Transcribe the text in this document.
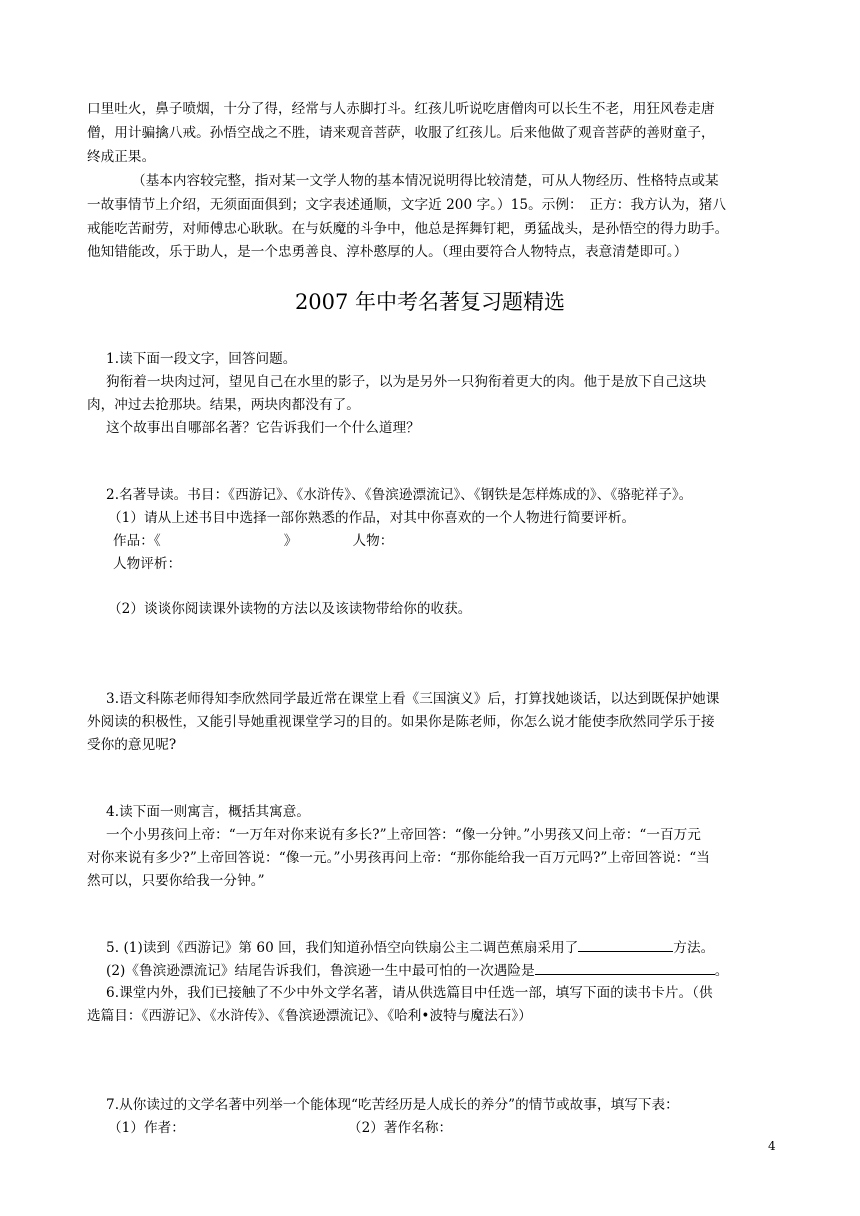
口里吐火，鼻子喷烟，十分了得，经常与人赤脚打斗。红孩儿听说吃唐僧肉可以长生不老，用狂风卷走唐
僧，用计骗擒八戒。孙悟空战之不胜，请来观音菩萨，收服了红孩儿。后来他做了观音菩萨的善财童子，
终成正果。
（基本内容较完整，指对某一文学人物的基本情况说明得比较清楚，可从人物经历、性格特点或某
一故事情节上介绍，无须面面俱到；文字表述通顺，文字近 200 字。）15。示例：　正方：我方认为，猪八
戒能吃苦耐劳，对师傅忠心耿耿。在与妖魔的斗争中，他总是挥舞钉耙，勇猛战头，是孙悟空的得力助手。
他知错能改，乐于助人，是一个忠勇善良、淳朴憨厚的人。（理由要符合人物特点，表意清楚即可。）
2007 年中考名著复习题精选
1.读下面一段文字，回答问题。
狗衔着一块肉过河，望见自己在水里的影子，以为是另外一只狗衔着更大的肉。他于是放下自己这块
肉，冲过去抢那块。结果，两块肉都没有了。
这个故事出自哪部名著？它告诉我们一个什么道理？
2.名著导读。书目：《西游记》、《水浒传》、《鲁滨逊漂流记》、《钢铁是怎样炼成的》、《骆驼祥子》。
（1）请从上述书目中选择一部你熟悉的作品，对其中你喜欢的一个人物进行简要评析。
作品：《	》	人物：
人物评析：
（2）谈谈你阅读课外读物的方法以及该读物带给你的收获。
3.语文科陈老师得知李欣然同学最近常在课堂上看《三国演义》后，打算找她谈话，以达到既保护她课
外阅读的积极性，又能引导她重视课堂学习的目的。如果你是陈老师，你怎么说才能使李欣然同学乐于接
受你的意见呢?
4.读下面一则寓言，概括其寓意。
一个小男孩问上帝：“一万年对你来说有多长?”上帝回答：“像一分钟。”小男孩又问上帝：“一百万元
对你来说有多少?”上帝回答说：“像一元。”小男孩再问上帝：“那你能给我一百万元吗?”上帝回答说：“当
然可以，只要你给我一分钟。”
5. (1)读到《西游记》第 60 回，我们知道孙悟空向铁扇公主二调芭蕉扇采用了	方法。
(2)《鲁滨逊漂流记》结尾告诉我们，鲁滨逊一生中最可怕的一次遇险是	。
6.课堂内外，我们已接触了不少中外文学名著，请从供选篇目中任选一部，填写下面的读书卡片。（供
选篇目：《西游记》、《水浒传》、《鲁滨逊漂流记》、《哈利•波特与魔法石》）
7.从你读过的文学名著中列举一个能体现“吃苦经历是人成长的养分”的情节或故事，填写下表：
（1）作者：	（2）著作名称：
4
